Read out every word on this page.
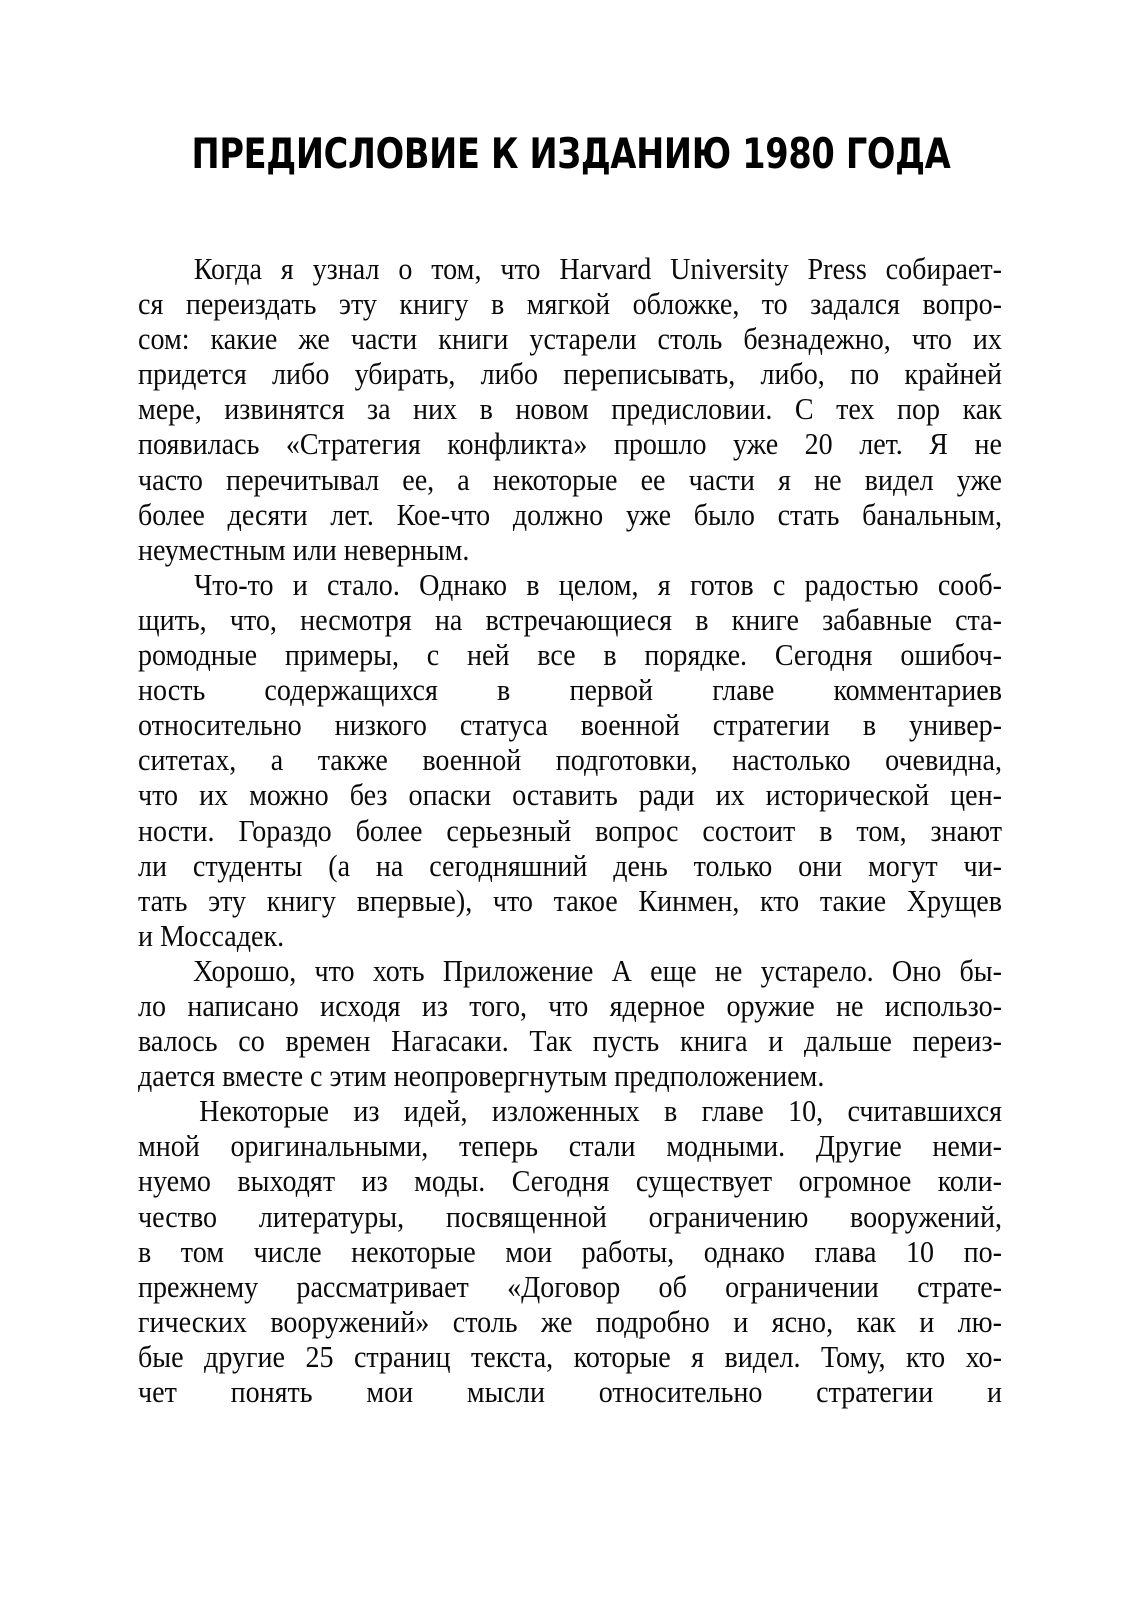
ПРЕДИСЛОВИЕ К ИЗДАНИЮ 1980 ГОДА
Когда я узнал о том, что Harvard University Press собирает-
ся переиздать эту книгу в мягкой обложке, то задался вопро-
сом: какие же части книги устарели столь безнадежно, что их
придется либо убирать, либо переписывать, либо, по крайней
мере, извинятся за них в новом предисловии. С тех пор как
появилась «Стратегия конфликта» прошло уже 20 лет. Я не
часто перечитывал ее, а некоторые ее части я не видел уже
более десяти лет. Кое-что должно уже было стать банальным,
неуместным или неверным.
Что-то и стало. Однако в целом, я готов с радостью сооб-
щить, что, несмотря на встречающиеся в книге забавные ста-
ромодные примеры, с ней все в порядке. Сегодня ошибоч-
ность содержащихся в первой главе комментариев
относительно низкого статуса военной стратегии в универ-
ситетах, а также военной подготовки, настолько очевидна,
что их можно без опаски оставить ради их исторической цен-
ности. Гораздо более серьезный вопрос состоит в том, знают
ли студенты (а на сегодняшний день только они могут чи-
тать эту книгу впервые), что такое Кинмен, кто такие Хрущев
и Моссадек.
Хорошо, что хоть Приложение А еще не устарело. Оно бы-
ло написано исходя из того, что ядерное оружие не использо-
валось со времен Нагасаки. Так пусть книга и дальше переиз-
дается вместе с этим неопровергнутым предположением.
Некоторые из идей, изложенных в главе 10, считавшихся
мной оригинальными, теперь стали модными. Другие неми-
нуемо выходят из моды. Сегодня существует огромное коли-
чество литературы, посвященной ограничению вооружений,
в том числе некоторые мои работы, однако глава 10 по-
прежнему рассматривает «Договор об ограничении страте-
гических вооружений» столь же подробно и ясно, как и лю-
бые другие 25 страниц текста, которые я видел. Тому, кто хо-
чет понять мои мысли относительно стратегии и
